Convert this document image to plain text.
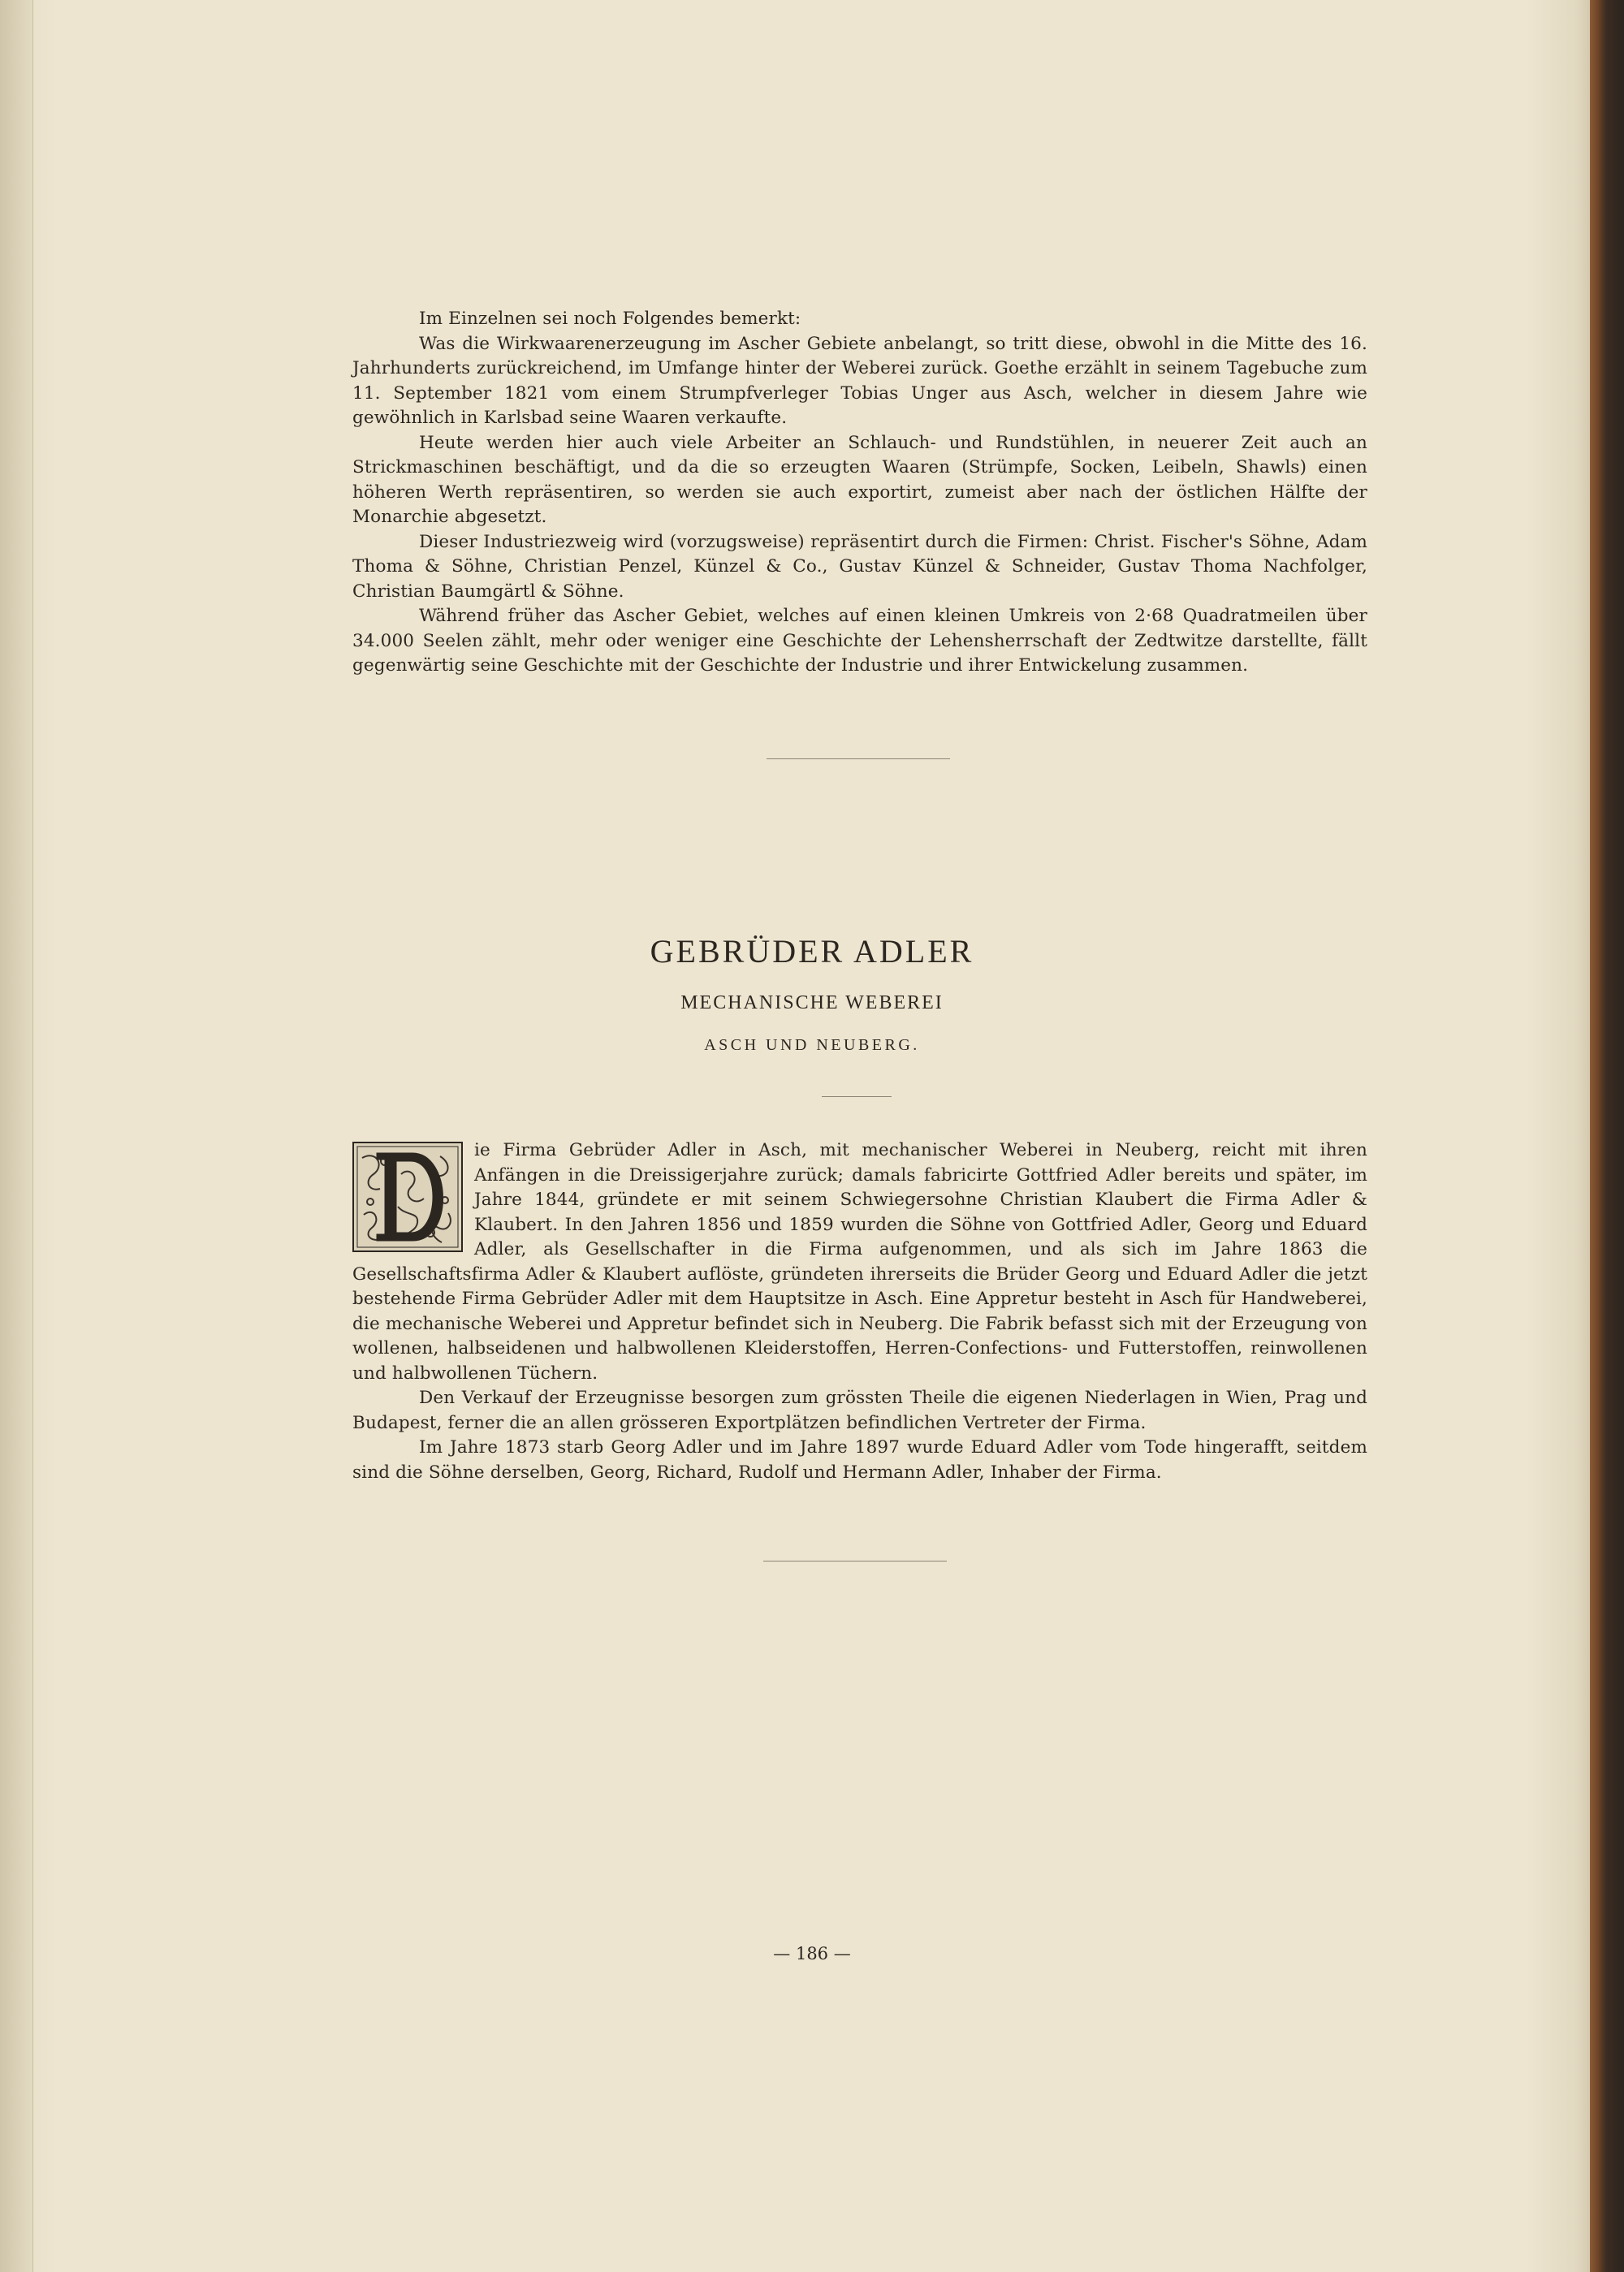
Im Einzelnen sei noch Folgendes bemerkt:

Was die Wirkwaarenerzeugung im Ascher Gebiete anbelangt, so tritt diese, obwohl in die Mitte des 16. Jahrhunderts zurückreichend, im Umfange hinter der Weberei zurück. Goethe erzählt in seinem Tagebuche zum 11. September 1821 vom einem Strumpfverleger Tobias Unger aus Asch, welcher in diesem Jahre wie gewöhnlich in Karlsbad seine Waaren verkaufte.

Heute werden hier auch viele Arbeiter an Schlauch- und Rundstühlen, in neuerer Zeit auch an Strickmaschinen beschäftigt, und da die so erzeugten Waaren (Strümpfe, Socken, Leibeln, Shawls) einen höheren Werth repräsentiren, so werden sie auch exportirt, zumeist aber nach der östlichen Hälfte der Monarchie abgesetzt.

Dieser Industriezweig wird (vorzugsweise) repräsentirt durch die Firmen: Christ. Fischer's Söhne, Adam Thoma & Söhne, Christian Penzel, Künzel & Co., Gustav Künzel & Schneider, Gustav Thoma Nachfolger, Christian Baumgärtl & Söhne.

Während früher das Ascher Gebiet, welches auf einen kleinen Umkreis von 2·68 Quadratmeilen über 34.000 Seelen zählt, mehr oder weniger eine Geschichte der Lehensherrschaft der Zedtwitze darstellte, fällt gegenwärtig seine Geschichte mit der Geschichte der Industrie und ihrer Entwickelung zusammen.

GEBRÜDER ADLER
MECHANISCHE WEBEREI
ASCH UND NEUBERG.

ie Firma Gebrüder Adler in Asch, mit mechanischer Weberei in Neuberg, reicht mit ihren Anfängen in die Dreissigerjahre zurück; damals fabricirte Gottfried Adler bereits und später, im Jahre 1844, gründete er mit seinem Schwiegersohne Christian Klaubert die Firma Adler & Klaubert. In den Jahren 1856 und 1859 wurden die Söhne von Gottfried Adler, Georg und Eduard Adler, als Gesellschafter in die Firma aufgenommen, und als sich im Jahre 1863 die Gesellschaftsfirma Adler & Klaubert auflöste, gründeten ihrerseits die Brüder Georg und Eduard Adler die jetzt bestehende Firma Gebrüder Adler mit dem Hauptsitze in Asch. Eine Appretur besteht in Asch für Handweberei, die mechanische Weberei und Appretur befindet sich in Neuberg. Die Fabrik befasst sich mit der Erzeugung von wollenen, halbseidenen und halbwollenen Kleiderstoffen, Herren-Confections- und Futterstoffen, reinwollenen und halbwollenen Tüchern.

Den Verkauf der Erzeugnisse besorgen zum grössten Theile die eigenen Niederlagen in Wien, Prag und Budapest, ferner die an allen grösseren Exportplätzen befindlichen Vertreter der Firma.

Im Jahre 1873 starb Georg Adler und im Jahre 1897 wurde Eduard Adler vom Tode hingerafft, seitdem sind die Söhne derselben, Georg, Richard, Rudolf und Hermann Adler, Inhaber der Firma.

— 186 —
